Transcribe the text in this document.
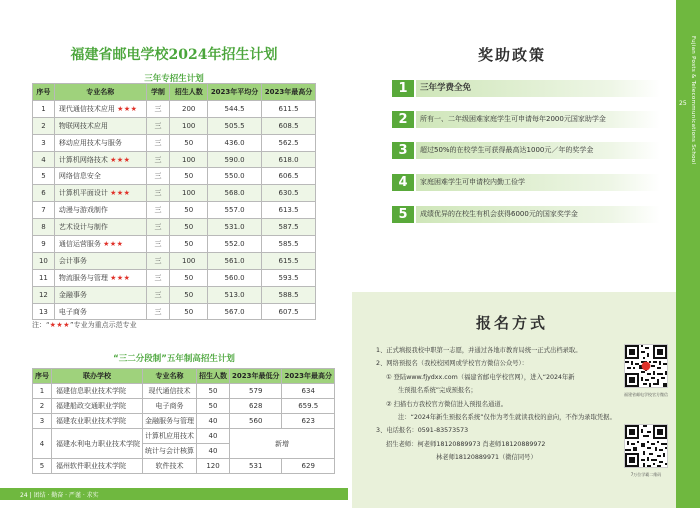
福建省邮电学校2024年招生计划
三年专招生计划
序号	专业名称	学制	招生人数	2023年平均分	2023年最高分
1	现代通信技术应用 ★★★	三	200	544.5	611.5
2	物联网技术应用	三	100	505.5	608.5
3	移动应用技术与服务	三	50	436.0	562.5
4	计算机网络技术 ★★★	三	100	590.0	618.0
5	网络信息安全	三	50	550.0	606.5
6	计算机平面设计 ★★★	三	100	568.0	630.5
7	动漫与游戏制作	三	50	557.0	613.5
8	艺术设计与制作	三	50	531.0	587.5
9	通信运营服务 ★★★	三	50	552.0	585.5
10	会计事务	三	100	561.0	615.5
11	物流服务与管理 ★★★	三	50	560.0	593.5
12	金融事务	三	50	513.0	588.5
13	电子商务	三	50	567.0	607.5
注：“★★★”专业为重点示范专业
“三二分段制”五年制高招生计划
序号	联办学校	专业名称	招生人数	2023年最低分	2023年最高分
1	福建信息职业技术学院	现代通信技术	50	579	634
2	福建船政交通职业学院	电子商务	50	628	659.5
3	福建农业职业技术学院	金融服务与管理	40	560	623
4	福建水利电力职业技术学院	计算机应用技术	40	新增	
		统计与会计核算	40		
5	福州软件职业技术学院	软件技术	120	531	629
24 | 团结 · 勤奋 · 严谨 · 求实
Fujian Posts & Telecommunications School
25
奖助政策
1	三年学费全免
2	所有一、二年级困难家庭学生可申请每年2000元国家助学金
3	超过50%的在校学生可获得最高达1000元／年的奖学金
4	家庭困难学生可申请校内勤工俭学
5	成绩优异的在校生有机会获得6000元的国家奖学金
报名方式
1、正式填报我校中职第一志愿，并通过各地市教育局统一正式出档录取。
2、网络预报名（我校校园网或学校官方微信公众号）：
① 登陆www.fjydxx.com（福建省邮电学校官网），进入“2024年新
生预报名系统”完成预报名；
② 扫描右方我校官方微信进入预报名通道。
注：“2024年新生预报名系统”仅作为考生就读我校的意向，不作为录取凭据。
3、电话报名：0591-83573573
招生老师：柯老师18120889973 肖老师18120889972
林老师18120889971（微信同号）
福建省邮电学校官方微信
7万位学霸二维码
